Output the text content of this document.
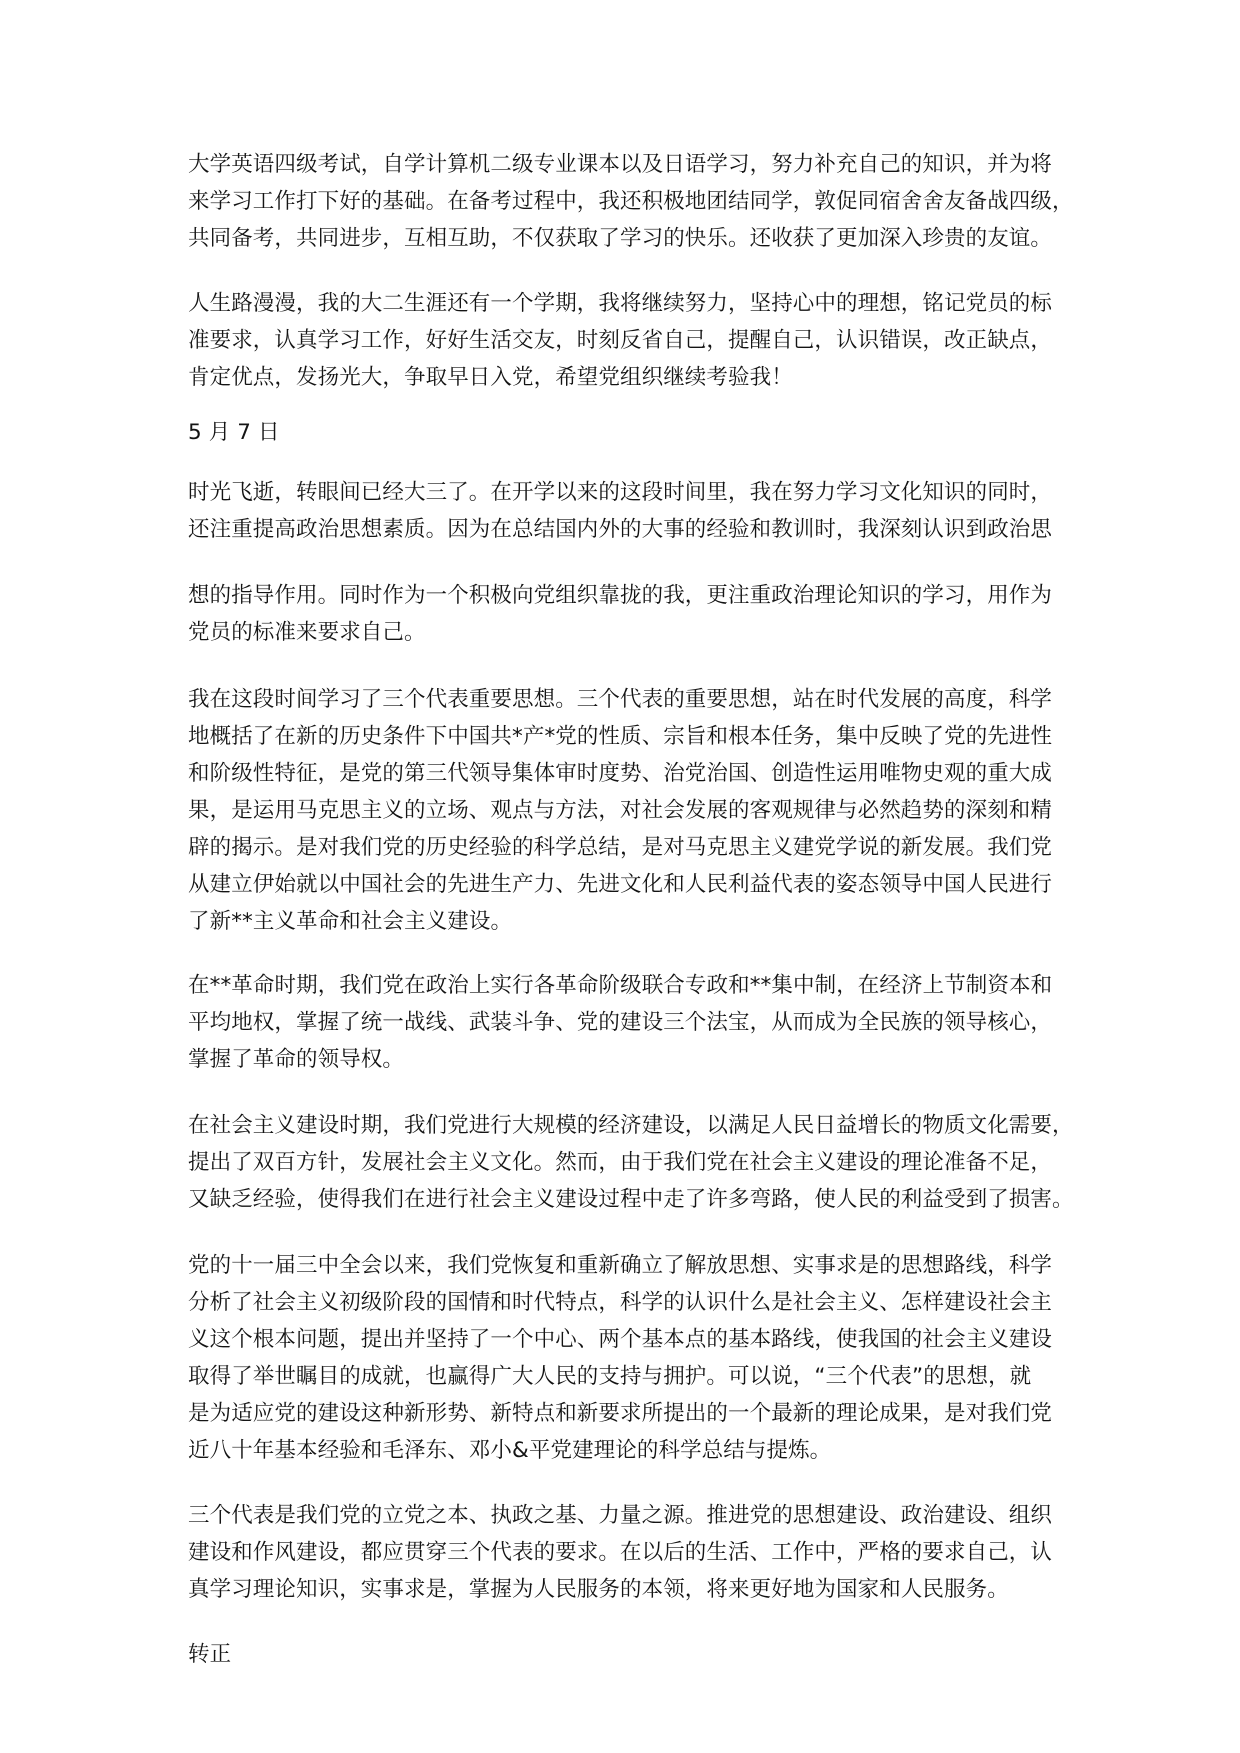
大学英语四级考试，自学计算机二级专业课本以及日语学习，努力补充自己的知识，并为将
来学习工作打下好的基础。在备考过程中，我还积极地团结同学，敦促同宿舍舍友备战四级，
共同备考，共同进步，互相互助，不仅获取了学习的快乐。还收获了更加深入珍贵的友谊。
人生路漫漫，我的大二生涯还有一个学期，我将继续努力，坚持心中的理想，铭记党员的标
准要求，认真学习工作，好好生活交友，时刻反省自己，提醒自己，认识错误，改正缺点，
肯定优点，发扬光大，争取早日入党，希望党组织继续考验我！
5 月 7 日
时光飞逝，转眼间已经大三了。在开学以来的这段时间里，我在努力学习文化知识的同时，
还注重提高政治思想素质。因为在总结国内外的大事的经验和教训时，我深刻认识到政治思
想的指导作用。同时作为一个积极向党组织靠拢的我，更注重政治理论知识的学习，用作为
党员的标准来要求自己。
我在这段时间学习了三个代表重要思想。三个代表的重要思想，站在时代发展的高度，科学
地概括了在新的历史条件下中国共*产*党的性质、宗旨和根本任务，集中反映了党的先进性
和阶级性特征，是党的第三代领导集体审时度势、治党治国、创造性运用唯物史观的重大成
果，是运用马克思主义的立场、观点与方法，对社会发展的客观规律与必然趋势的深刻和精
辟的揭示。是对我们党的历史经验的科学总结，是对马克思主义建党学说的新发展。我们党
从建立伊始就以中国社会的先进生产力、先进文化和人民利益代表的姿态领导中国人民进行
了新**主义革命和社会主义建设。
在**革命时期，我们党在政治上实行各革命阶级联合专政和**集中制，在经济上节制资本和
平均地权，掌握了统一战线、武装斗争、党的建设三个法宝，从而成为全民族的领导核心，
掌握了革命的领导权。
在社会主义建设时期，我们党进行大规模的经济建设，以满足人民日益增长的物质文化需要，
提出了双百方针，发展社会主义文化。然而，由于我们党在社会主义建设的理论准备不足，
又缺乏经验，使得我们在进行社会主义建设过程中走了许多弯路，使人民的利益受到了损害。
党的十一届三中全会以来，我们党恢复和重新确立了解放思想、实事求是的思想路线，科学
分析了社会主义初级阶段的国情和时代特点，科学的认识什么是社会主义、怎样建设社会主
义这个根本问题，提出并坚持了一个中心、两个基本点的基本路线，使我国的社会主义建设
取得了举世瞩目的成就，也赢得广大人民的支持与拥护。可以说，“三个代表”的思想，就
是为适应党的建设这种新形势、新特点和新要求所提出的一个最新的理论成果，是对我们党
近八十年基本经验和毛泽东、邓小&平党建理论的科学总结与提炼。
三个代表是我们党的立党之本、执政之基、力量之源。推进党的思想建设、政治建设、组织
建设和作风建设，都应贯穿三个代表的要求。在以后的生活、工作中，严格的要求自己，认
真学习理论知识，实事求是，掌握为人民服务的本领，将来更好地为国家和人民服务。
转正
